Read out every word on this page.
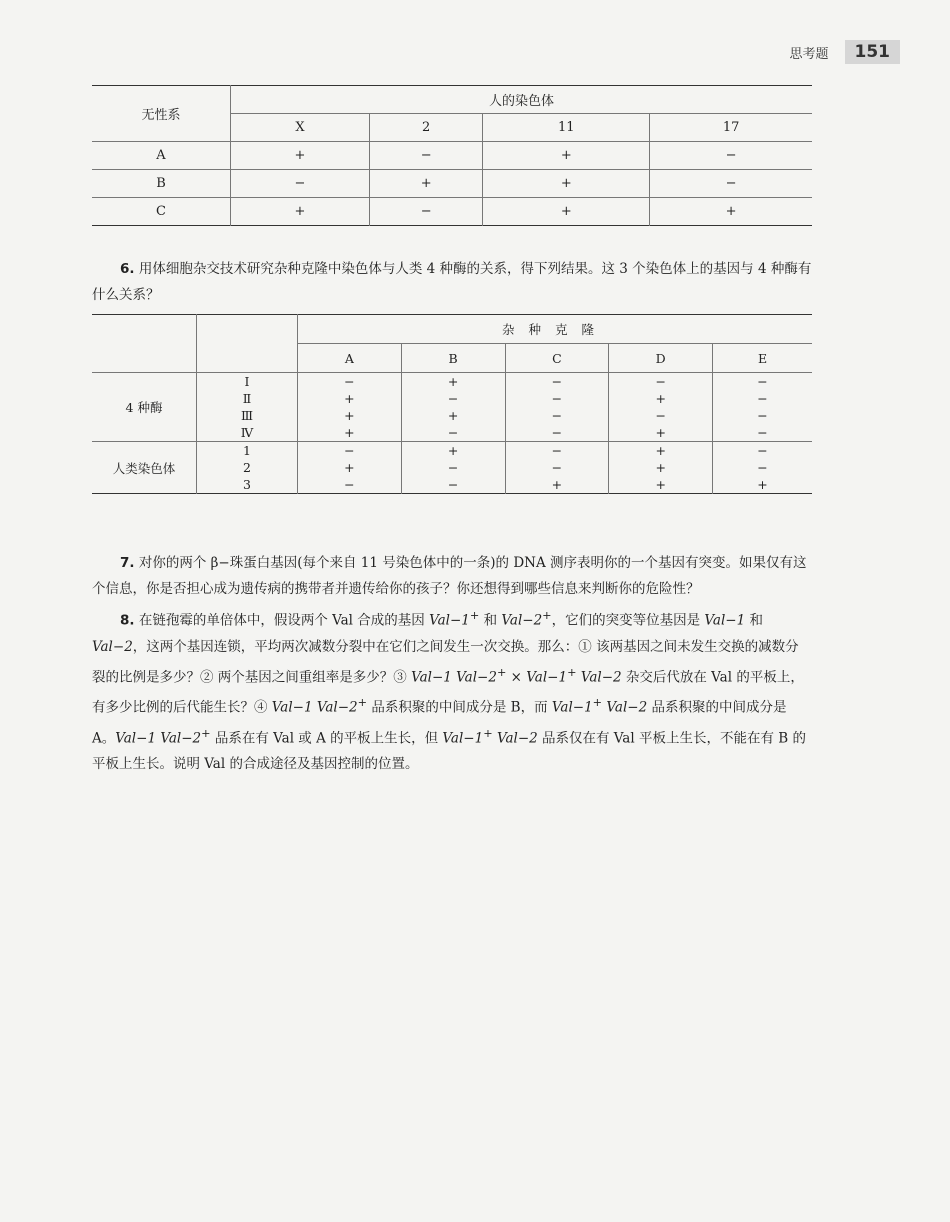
思考题	151
无性系	人的染色体			
	X	2	11	17
A	+	−	+	−
B	−	+	+	−
C	+	−	+	+

6. 用体细胞杂交技术研究杂种克隆中染色体与人类 4 种酶的关系，得下列结果。这 3 个染色体上的基因与 4 种酶有什么关系？

		杂种克隆				
		A	B	C	D	E
4 种酶	Ⅰ	−	+	−	−	−
	Ⅱ	+	−	−	+	−
	Ⅲ	+	+	−	−	−
	Ⅳ	+	−	−	+	−
人类染色体	1	−	+	−	+	−
	2	+	−	−	+	−
	3	−	−	+	+	+

7. 对你的两个 β−珠蛋白基因(每个来自 11 号染色体中的一条)的 DNA 测序表明你的一个基因有突变。如果仅有这个信息，你是否担心成为遗传病的携带者并遗传给你的孩子？你还想得到哪些信息来判断你的危险性？

8. 在链孢霉的单倍体中，假设两个 Val 合成的基因 Val−1+ 和 Val−2+，它们的突变等位基因是 Val−1 和Val−2，这两个基因连锁，平均两次减数分裂中在它们之间发生一次交换。那么：① 该两基因之间未发生交换的减数分裂的比例是多少？② 两个基因之间重组率是多少？③ Val−1 Val−2+ × Val−1+ Val−2 杂交后代放在 Val 的平板上，有多少比例的后代能生长？④ Val−1 Val−2+ 品系积聚的中间成分是 B，而 Val−1+ Val−2 品系积聚的中间成分是 A。Val−1 Val−2+ 品系在有 Val 或 A 的平板上生长，但 Val−1+ Val−2 品系仅在有 Val 平板上生长，不能在有 B 的平板上生长。说明 Val 的合成途径及基因控制的位置。
